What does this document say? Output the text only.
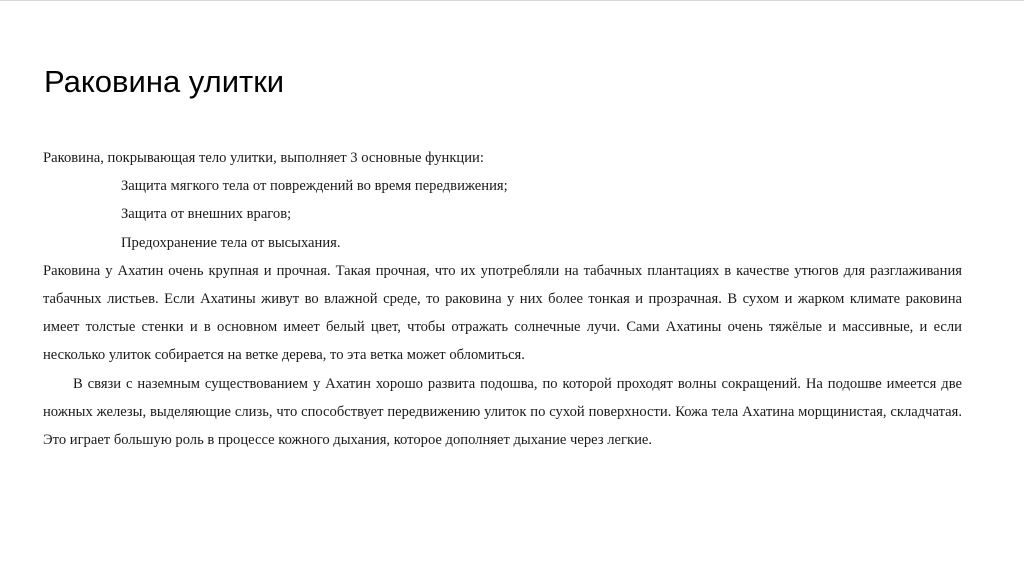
Раковина улитки

Раковина, покрывающая тело улитки, выполняет 3 основные функции:

Защита мягкого тела от повреждений во время передвижения;

Защита от внешних врагов;

Предохранение тела от высыхания.

Раковина у Ахатин очень крупная и прочная. Такая прочная, что их употребляли на табачных плантациях в качестве утюгов для разглаживания табачных листьев. Если Ахатины живут во влажной среде, то раковина у них более тонкая и прозрачная. В сухом и жарком климате раковина имеет толстые стенки и в основном имеет белый цвет, чтобы отражать солнечные лучи. Сами Ахатины очень тяжёлые и массивные, и если несколько улиток собирается на ветке дерева, то эта ветка может обломиться.

В связи с наземным существованием у Ахатин хорошо развита подошва, по которой проходят волны сокращений. На подошве имеется две ножных железы, выделяющие слизь, что способствует передвижению улиток по сухой поверхности. Кожа тела Ахатина морщинистая, складчатая. Это играет большую роль в процессе кожного дыхания, которое дополняет дыхание через легкие.
